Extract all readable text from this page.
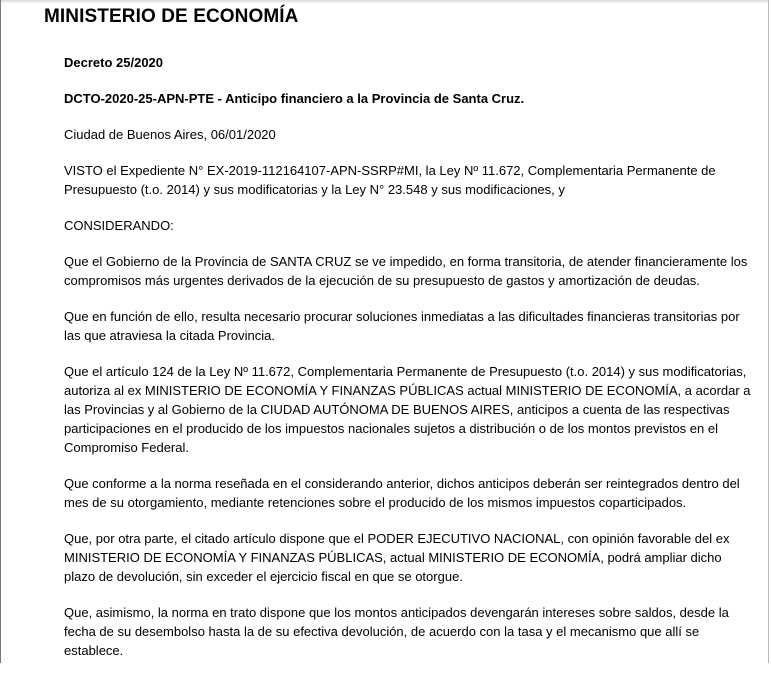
MINISTERIO DE ECONOMÍA

Decreto 25/2020

DCTO-2020-25-APN-PTE - Anticipo financiero a la Provincia de Santa Cruz.

Ciudad de Buenos Aires, 06/01/2020

VISTO el Expediente N° EX-2019-112164107-APN-SSRP#MI, la Ley Nº 11.672, Complementaria Permanente de Presupuesto (t.o. 2014) y sus modificatorias y la Ley N° 23.548 y sus modificaciones, y

CONSIDERANDO:

Que el Gobierno de la Provincia de SANTA CRUZ se ve impedido, en forma transitoria, de atender financieramente los compromisos más urgentes derivados de la ejecución de su presupuesto de gastos y amortización de deudas.

Que en función de ello, resulta necesario procurar soluciones inmediatas a las dificultades financieras transitorias por las que atraviesa la citada Provincia.

Que el artículo 124 de la Ley Nº 11.672, Complementaria Permanente de Presupuesto (t.o. 2014) y sus modificatorias, autoriza al ex MINISTERIO DE ECONOMÍA Y FINANZAS PÚBLICAS actual MINISTERIO DE ECONOMÍA, a acordar a las Provincias y al Gobierno de la CIUDAD AUTÓNOMA DE BUENOS AIRES, anticipos a cuenta de las respectivas participaciones en el producido de los impuestos nacionales sujetos a distribución o de los montos previstos en el Compromiso Federal.

Que conforme a la norma reseñada en el considerando anterior, dichos anticipos deberán ser reintegrados dentro del mes de su otorgamiento, mediante retenciones sobre el producido de los mismos impuestos coparticipados.

Que, por otra parte, el citado artículo dispone que el PODER EJECUTIVO NACIONAL, con opinión favorable del ex MINISTERIO DE ECONOMÍA Y FINANZAS PÚBLICAS, actual MINISTERIO DE ECONOMÍA, podrá ampliar dicho plazo de devolución, sin exceder el ejercicio fiscal en que se otorgue.

Que, asimismo, la norma en trato dispone que los montos anticipados devengarán intereses sobre saldos, desde la fecha de su desembolso hasta la de su efectiva devolución, de acuerdo con la tasa y el mecanismo que allí se establece.
